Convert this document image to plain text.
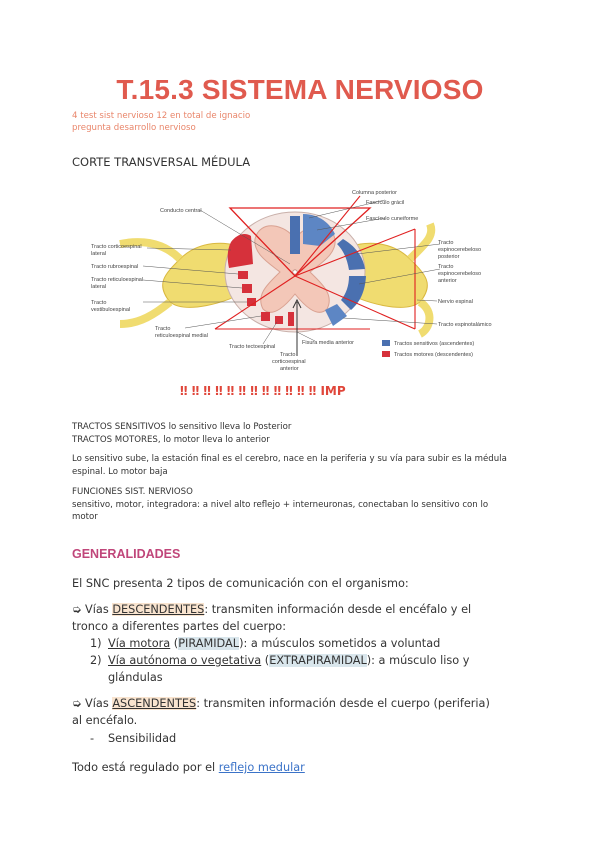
T.15.3 SISTEMA NERVIOSO
4 test sist nervioso 12 en total de ignacio
pregunta desarrollo nervioso
CORTE TRANSVERSAL MÉDULA
Columna posterior
Fascículo grácil
Fascículo cuneiforme
Conducto central
Tracto corticoespinal
lateral
Tracto rubroespinal
Tracto reticuloespinal
lateral
Tracto
vestibuloespinal
Tracto
reticuloespinal medial
Tracto tectoespinal
Tracto
corticoespinal
anterior
Fisura media anterior
Tracto
espinocerebeloso
posterior
Tracto
espinocerebeloso
anterior
Nervio espinal
Tracto espinotalámico
Tractos sensitivos (ascendentes)
Tractos motores (descendentes)
‼ ‼ ‼ ‼ ‼ ‼ ‼ ‼ ‼ ‼ ‼ ‼ IMP
TRACTOS SENSITIVOS lo sensitivo lleva lo Posterior
TRACTOS MOTORES, lo motor lleva lo anterior
Lo sensitivo sube, la estación final es el cerebro, nace en la periferia y su vía para subir es la médula
espinal. Lo motor baja
FUNCIONES SIST. NERVIOSO
sensitivo, motor, integradora: a nivel alto reflejo + interneuronas, conectaban lo sensitivo con lo
motor
GENERALIDADES
El SNC presenta 2 tipos de comunicación con el organismo:
➭ Vías DESCENDENTES: transmiten información desde el encéfalo y el
tronco a diferentes partes del cuerpo:
1) Vía motora (PIRAMIDAL): a músculos sometidos a voluntad
2) Vía autónoma o vegetativa (EXTRAPIRAMIDAL): a músculo liso y
glándulas
➭ Vías ASCENDENTES: transmiten información desde el cuerpo (periferia)
al encéfalo.
- Sensibilidad
Todo está regulado por el reflejo medular
